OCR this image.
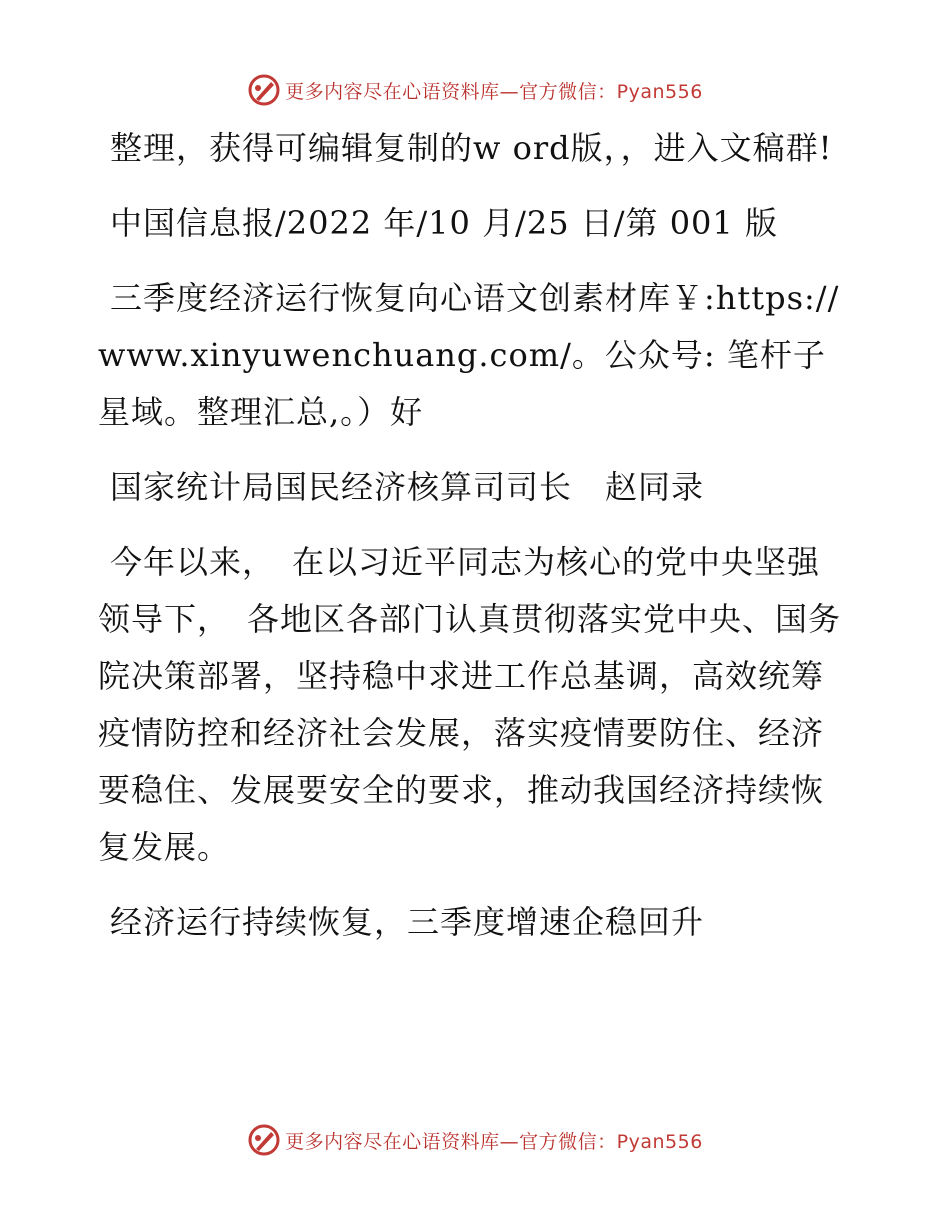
更多内容尽在心语资料库—官方微信：Pyan556

整理，获得可编辑复制的w ord版，，进入文稿群!

中国信息报/2022 年/10 月/25 日/第 001 版

三季度经济运行恢复向心语文创素材库￥:https://www.xinyuwenchuang.com/。公众号: 笔杆子星域。整理汇总,。）好

国家统计局国民经济核算司司长　赵同录

今年以来，　在以习近平同志为核心的党中央坚强领导下，　各地区各部门认真贯彻落实党中央、国务院决策部署，坚持稳中求进工作总基调，高效统筹疫情防控和经济社会发展，落实疫情要防住、经济要稳住、发展要安全的要求，推动我国经济持续恢复发展。

经济运行持续恢复，三季度增速企稳回升

更多内容尽在心语资料库—官方微信：Pyan556
